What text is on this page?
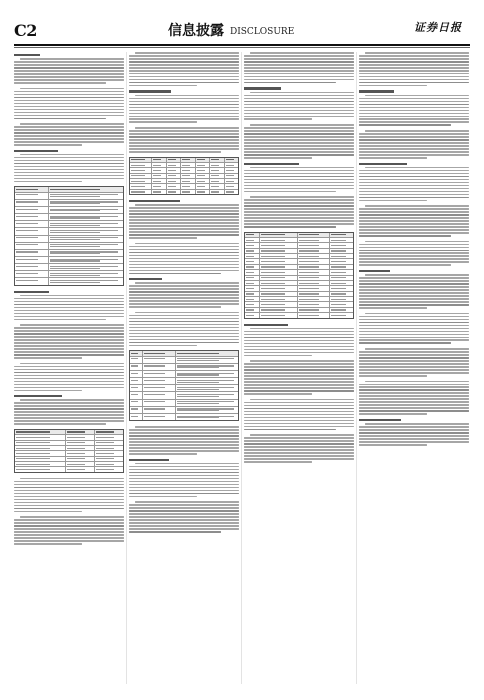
C2	信息披露 DISCLOSURE	证券日报
